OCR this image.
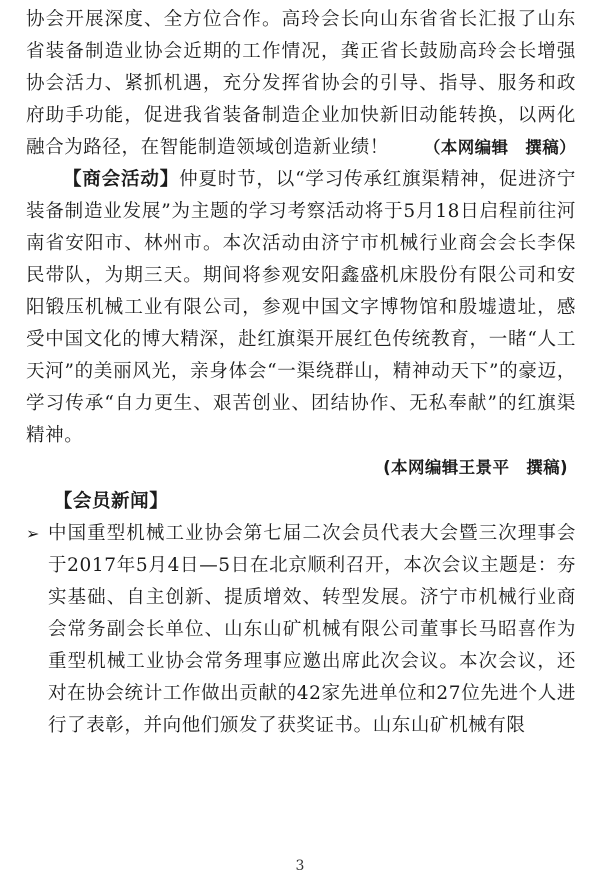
协会开展深度、全方位合作。高玲会长向山东省省长汇报了山东省装备制造业协会近期的工作情况，龚正省长鼓励高玲会长增强协会活力、紧抓机遇，充分发挥省协会的引导、指导、服务和政府助手功能，促进我省装备制造企业加快新旧动能转换，以两化融合为路径，在智能制造领域创造新业绩！ （本网编辑　撰稿）

【商会活动】仲夏时节，以“学习传承红旗渠精神，促进济宁装备制造业发展”为主题的学习考察活动将于5月18日启程前往河南省安阳市、林州市。本次活动由济宁市机械行业商会会长李保民带队，为期三天。期间将参观安阳鑫盛机床股份有限公司和安阳锻压机械工业有限公司，参观中国文字博物馆和殷墟遗址，感受中国文化的博大精深，赴红旗渠开展红色传统教育，一睹“人工天河”的美丽风光，亲身体会“一渠绕群山，精神动天下”的豪迈，学习传承“自力更生、艰苦创业、团结协作、无私奉献”的红旗渠精神。

(本网编辑王景平　撰稿)

【会员新闻】

➢ 中国重型机械工业协会第七届二次会员代表大会暨三次理事会于2017年5月4日—5日在北京顺利召开，本次会议主题是：夯实基础、自主创新、提质增效、转型发展。济宁市机械行业商会常务副会长单位、山东山矿机械有限公司董事长马昭喜作为重型机械工业协会常务理事应邀出席此次会议。本次会议，还对在协会统计工作做出贡献的42家先进单位和27位先进个人进行了表彰，并向他们颁发了获奖证书。山东山矿机械有限

3
